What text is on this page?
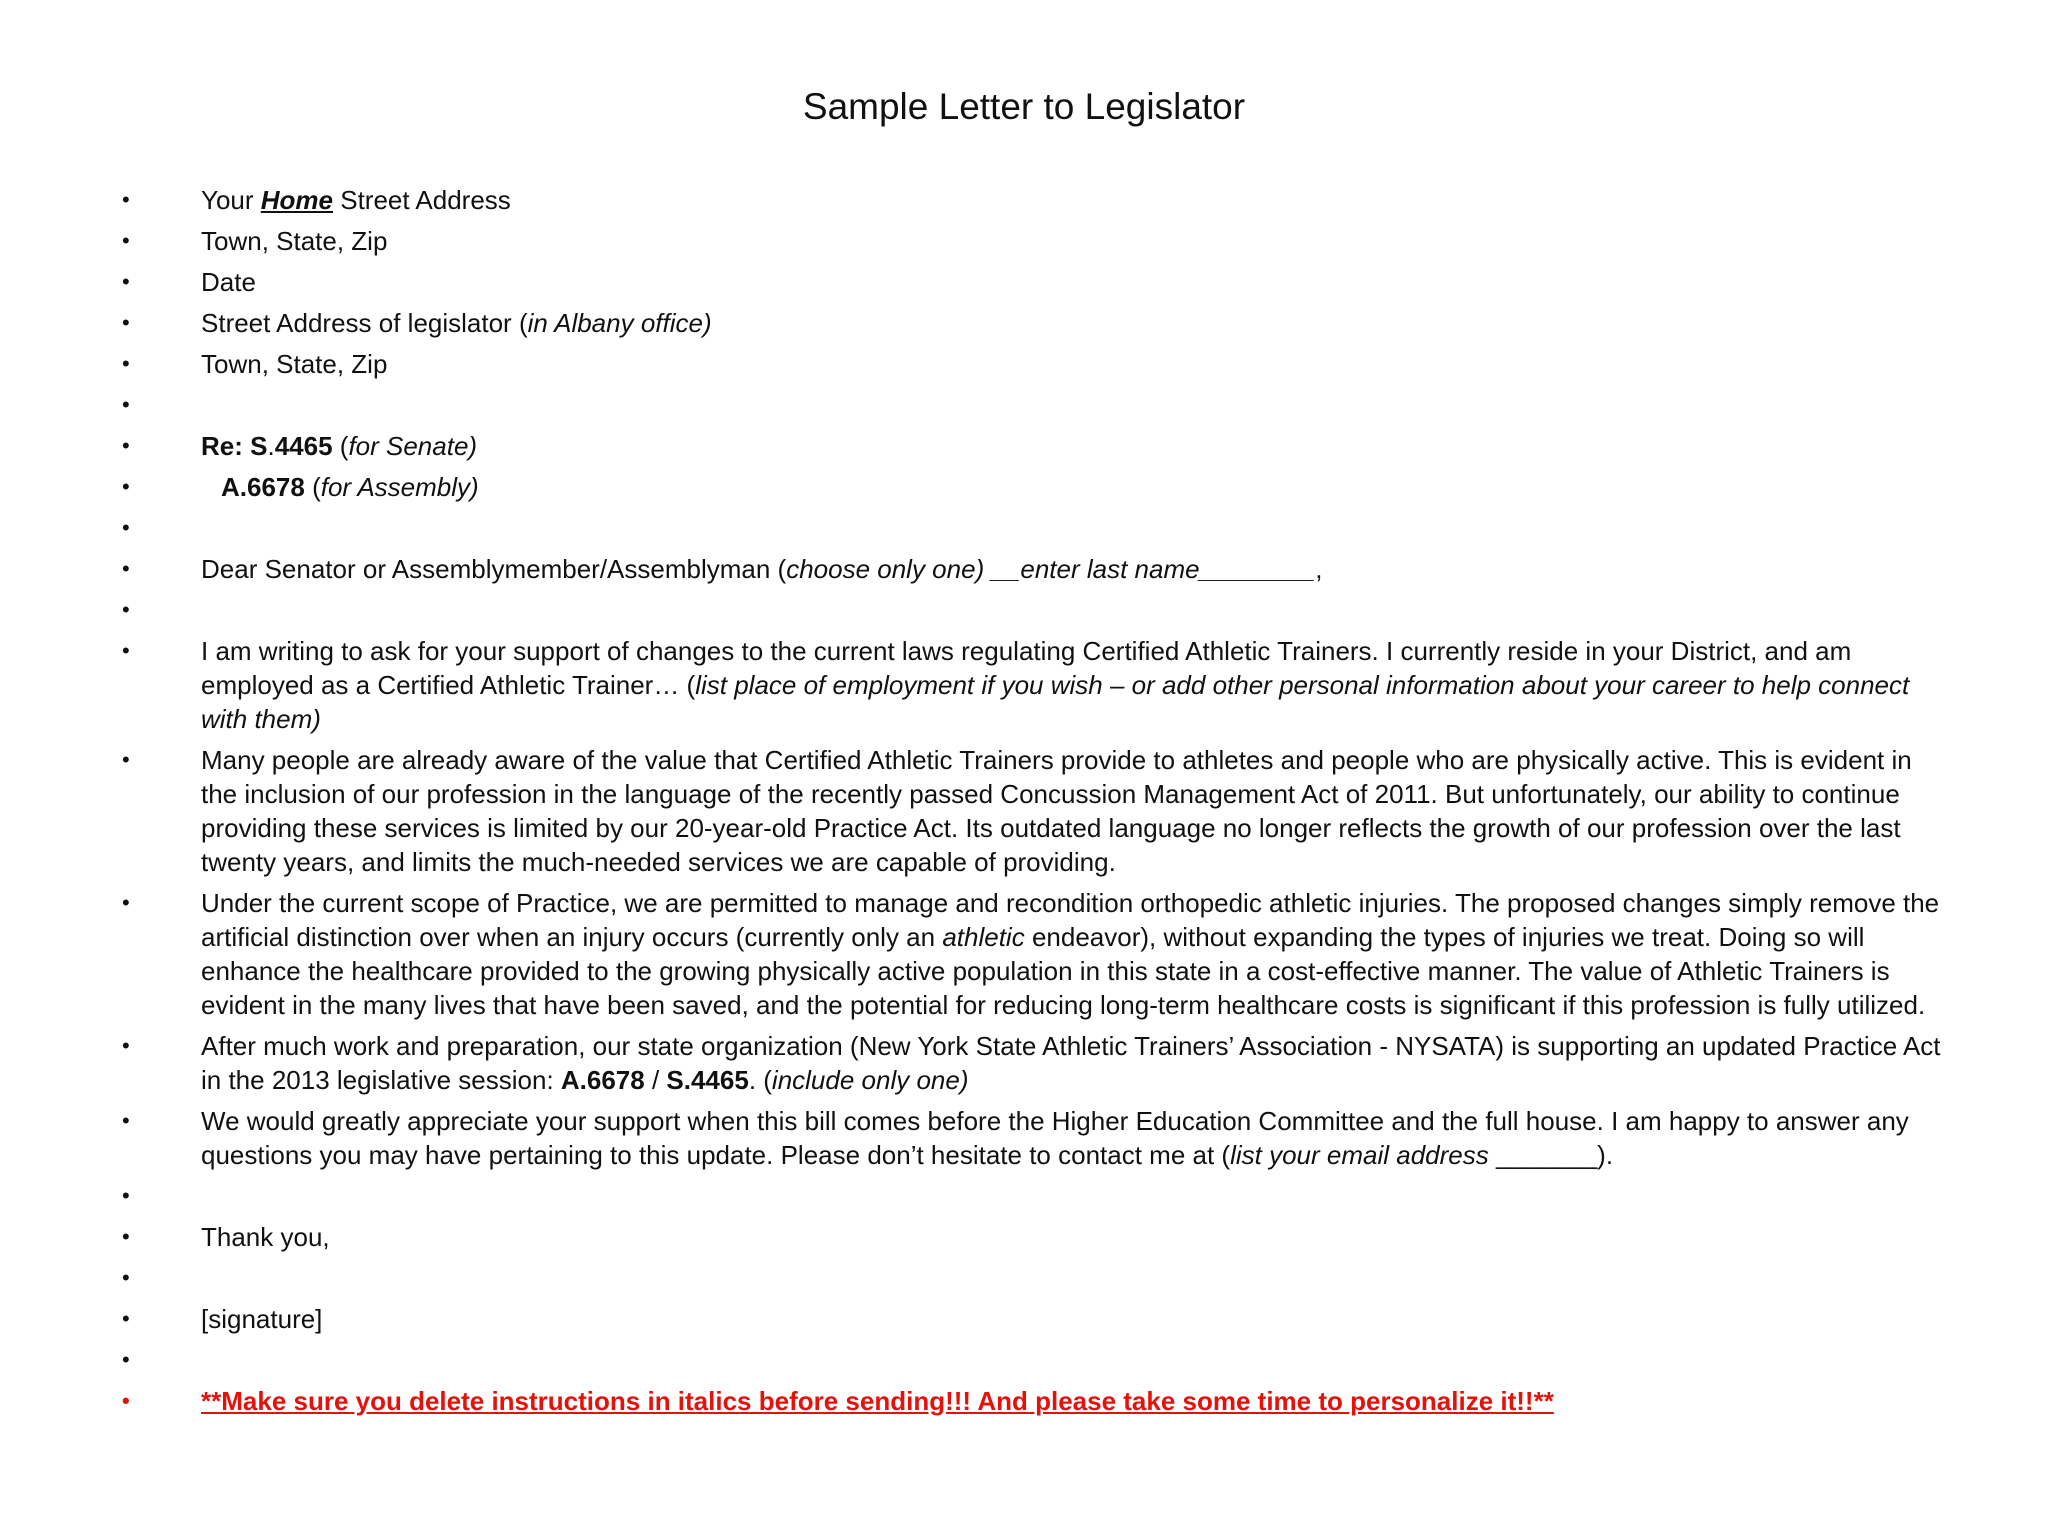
Sample Letter to Legislator
•	Your Home Street Address
•	Town, State, Zip
•	Date
•	Street Address of legislator (in Albany office)
•	Town, State, Zip
•
•	Re: S.4465 (for Senate)
•	A.6678 (for Assembly)
•
•	Dear Senator or Assemblymember/Assemblyman (choose only one) __enter last name________,
•
•	I am writing to ask for your support of changes to the current laws regulating Certified Athletic Trainers. I currently reside in your District, and am employed as a Certified Athletic Trainer… (list place of employment if you wish – or add other personal information about your career to help connect with them)
•	Many people are already aware of the value that Certified Athletic Trainers provide to athletes and people who are physically active. This is evident in the inclusion of our profession in the language of the recently passed Concussion Management Act of 2011. But unfortunately, our ability to continue providing these services is limited by our 20-year-old Practice Act. Its outdated language no longer reflects the growth of our profession over the last twenty years, and limits the much-needed services we are capable of providing.
•	Under the current scope of Practice, we are permitted to manage and recondition orthopedic athletic injuries. The proposed changes simply remove the artificial distinction over when an injury occurs (currently only an athletic endeavor), without expanding the types of injuries we treat. Doing so will enhance the healthcare provided to the growing physically active population in this state in a cost-effective manner. The value of Athletic Trainers is evident in the many lives that have been saved, and the potential for reducing long-term healthcare costs is significant if this profession is fully utilized.
•	After much work and preparation, our state organization (New York State Athletic Trainers’ Association - NYSATA) is supporting an updated Practice Act in the 2013 legislative session: A.6678 / S.4465. (include only one)
•	We would greatly appreciate your support when this bill comes before the Higher Education Committee and the full house. I am happy to answer any questions you may have pertaining to this update. Please don’t hesitate to contact me at (list your email address _______).
•
•	Thank you,
•
•	[signature]
•
•	**Make sure you delete instructions in italics before sending!!! And please take some time to personalize it!!**
